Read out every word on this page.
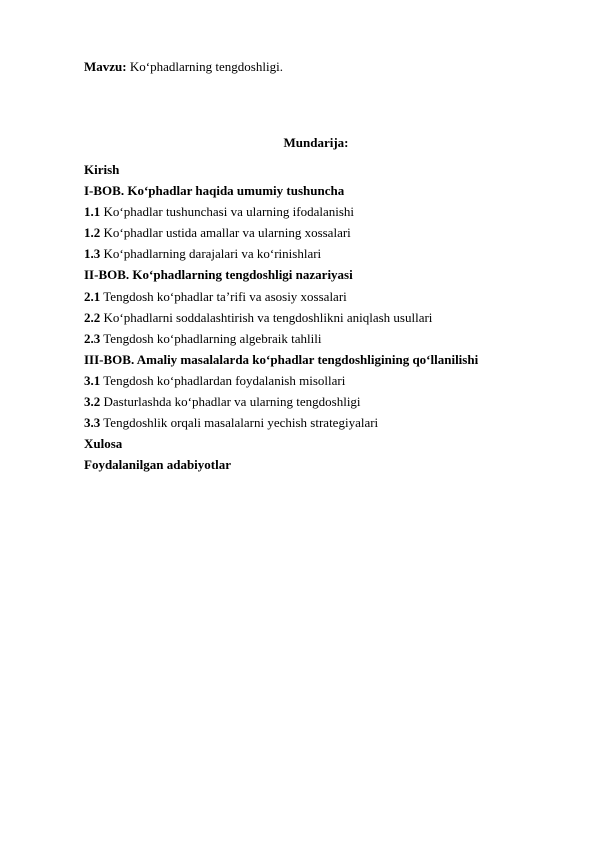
Mavzu: Ko‘phadlarning tengdoshligi.
Mundarija:
Kirish
I-BOB. Ko‘phadlar haqida umumiy tushuncha
1.1 Ko‘phadlar tushunchasi va ularning ifodalanishi
1.2 Ko‘phadlar ustida amallar va ularning xossalari
1.3 Ko‘phadlarning darajalari va ko‘rinishlari
II-BOB. Ko‘phadlarning tengdoshligi nazariyasi
2.1 Tengdosh ko‘phadlar ta’rifi va asosiy xossalari
2.2 Ko‘phadlarni soddalashtirish va tengdoshlikni aniqlash usullari
2.3 Tengdosh ko‘phadlarning algebraik tahlili
III-BOB. Amaliy masalalarda ko‘phadlar tengdoshligining qo‘llanilishi
3.1 Tengdosh ko‘phadlardan foydalanish misollari
3.2 Dasturlashda ko‘phadlar va ularning tengdoshligi
3.3 Tengdoshlik orqali masalalarni yechish strategiyalari
Xulosa
Foydalanilgan adabiyotlar
